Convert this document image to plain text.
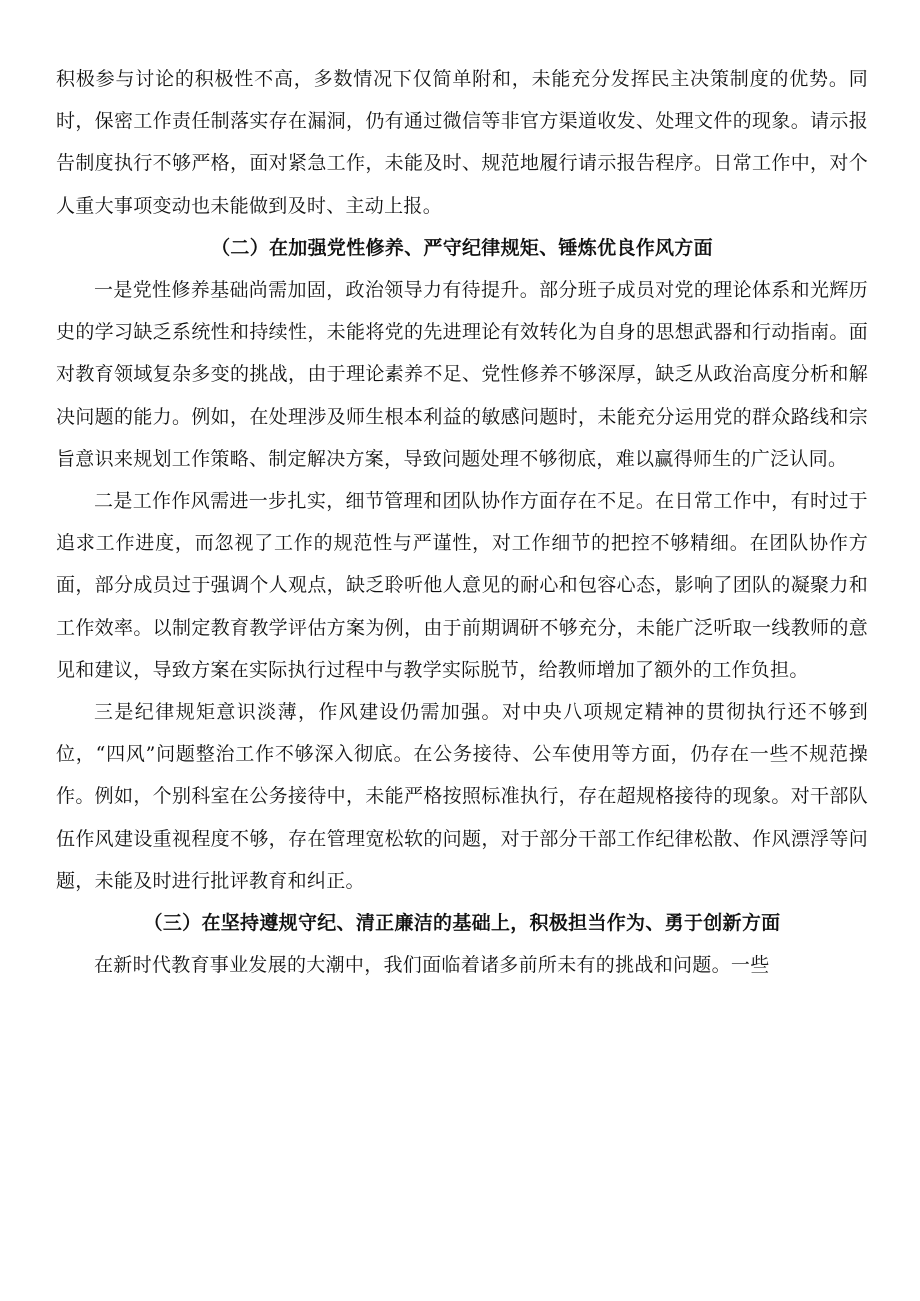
积极参与讨论的积极性不高，多数情况下仅简单附和，未能充分发挥民主决策制度的优势。同时，保密工作责任制落实存在漏洞，仍有通过微信等非官方渠道收发、处理文件的现象。请示报告制度执行不够严格，面对紧急工作，未能及时、规范地履行请示报告程序。日常工作中，对个人重大事项变动也未能做到及时、主动上报。

（二）在加强党性修养、严守纪律规矩、锤炼优良作风方面

一是党性修养基础尚需加固，政治领导力有待提升。部分班子成员对党的理论体系和光辉历史的学习缺乏系统性和持续性，未能将党的先进理论有效转化为自身的思想武器和行动指南。面对教育领域复杂多变的挑战，由于理论素养不足、党性修养不够深厚，缺乏从政治高度分析和解决问题的能力。例如，在处理涉及师生根本利益的敏感问题时，未能充分运用党的群众路线和宗旨意识来规划工作策略、制定解决方案，导致问题处理不够彻底，难以赢得师生的广泛认同。

二是工作作风需进一步扎实，细节管理和团队协作方面存在不足。在日常工作中，有时过于追求工作进度，而忽视了工作的规范性与严谨性，对工作细节的把控不够精细。在团队协作方面，部分成员过于强调个人观点，缺乏聆听他人意见的耐心和包容心态，影响了团队的凝聚力和工作效率。以制定教育教学评估方案为例，由于前期调研不够充分，未能广泛听取一线教师的意见和建议，导致方案在实际执行过程中与教学实际脱节，给教师增加了额外的工作负担。

三是纪律规矩意识淡薄，作风建设仍需加强。对中央八项规定精神的贯彻执行还不够到位，“四风”问题整治工作不够深入彻底。在公务接待、公车使用等方面，仍存在一些不规范操作。例如，个别科室在公务接待中，未能严格按照标准执行，存在超规格接待的现象。对干部队伍作风建设重视程度不够，存在管理宽松软的问题，对于部分干部工作纪律松散、作风漂浮等问题，未能及时进行批评教育和纠正。

（三）在坚持遵规守纪、清正廉洁的基础上，积极担当作为、勇于创新方面

在新时代教育事业发展的大潮中，我们面临着诸多前所未有的挑战和问题。一些
